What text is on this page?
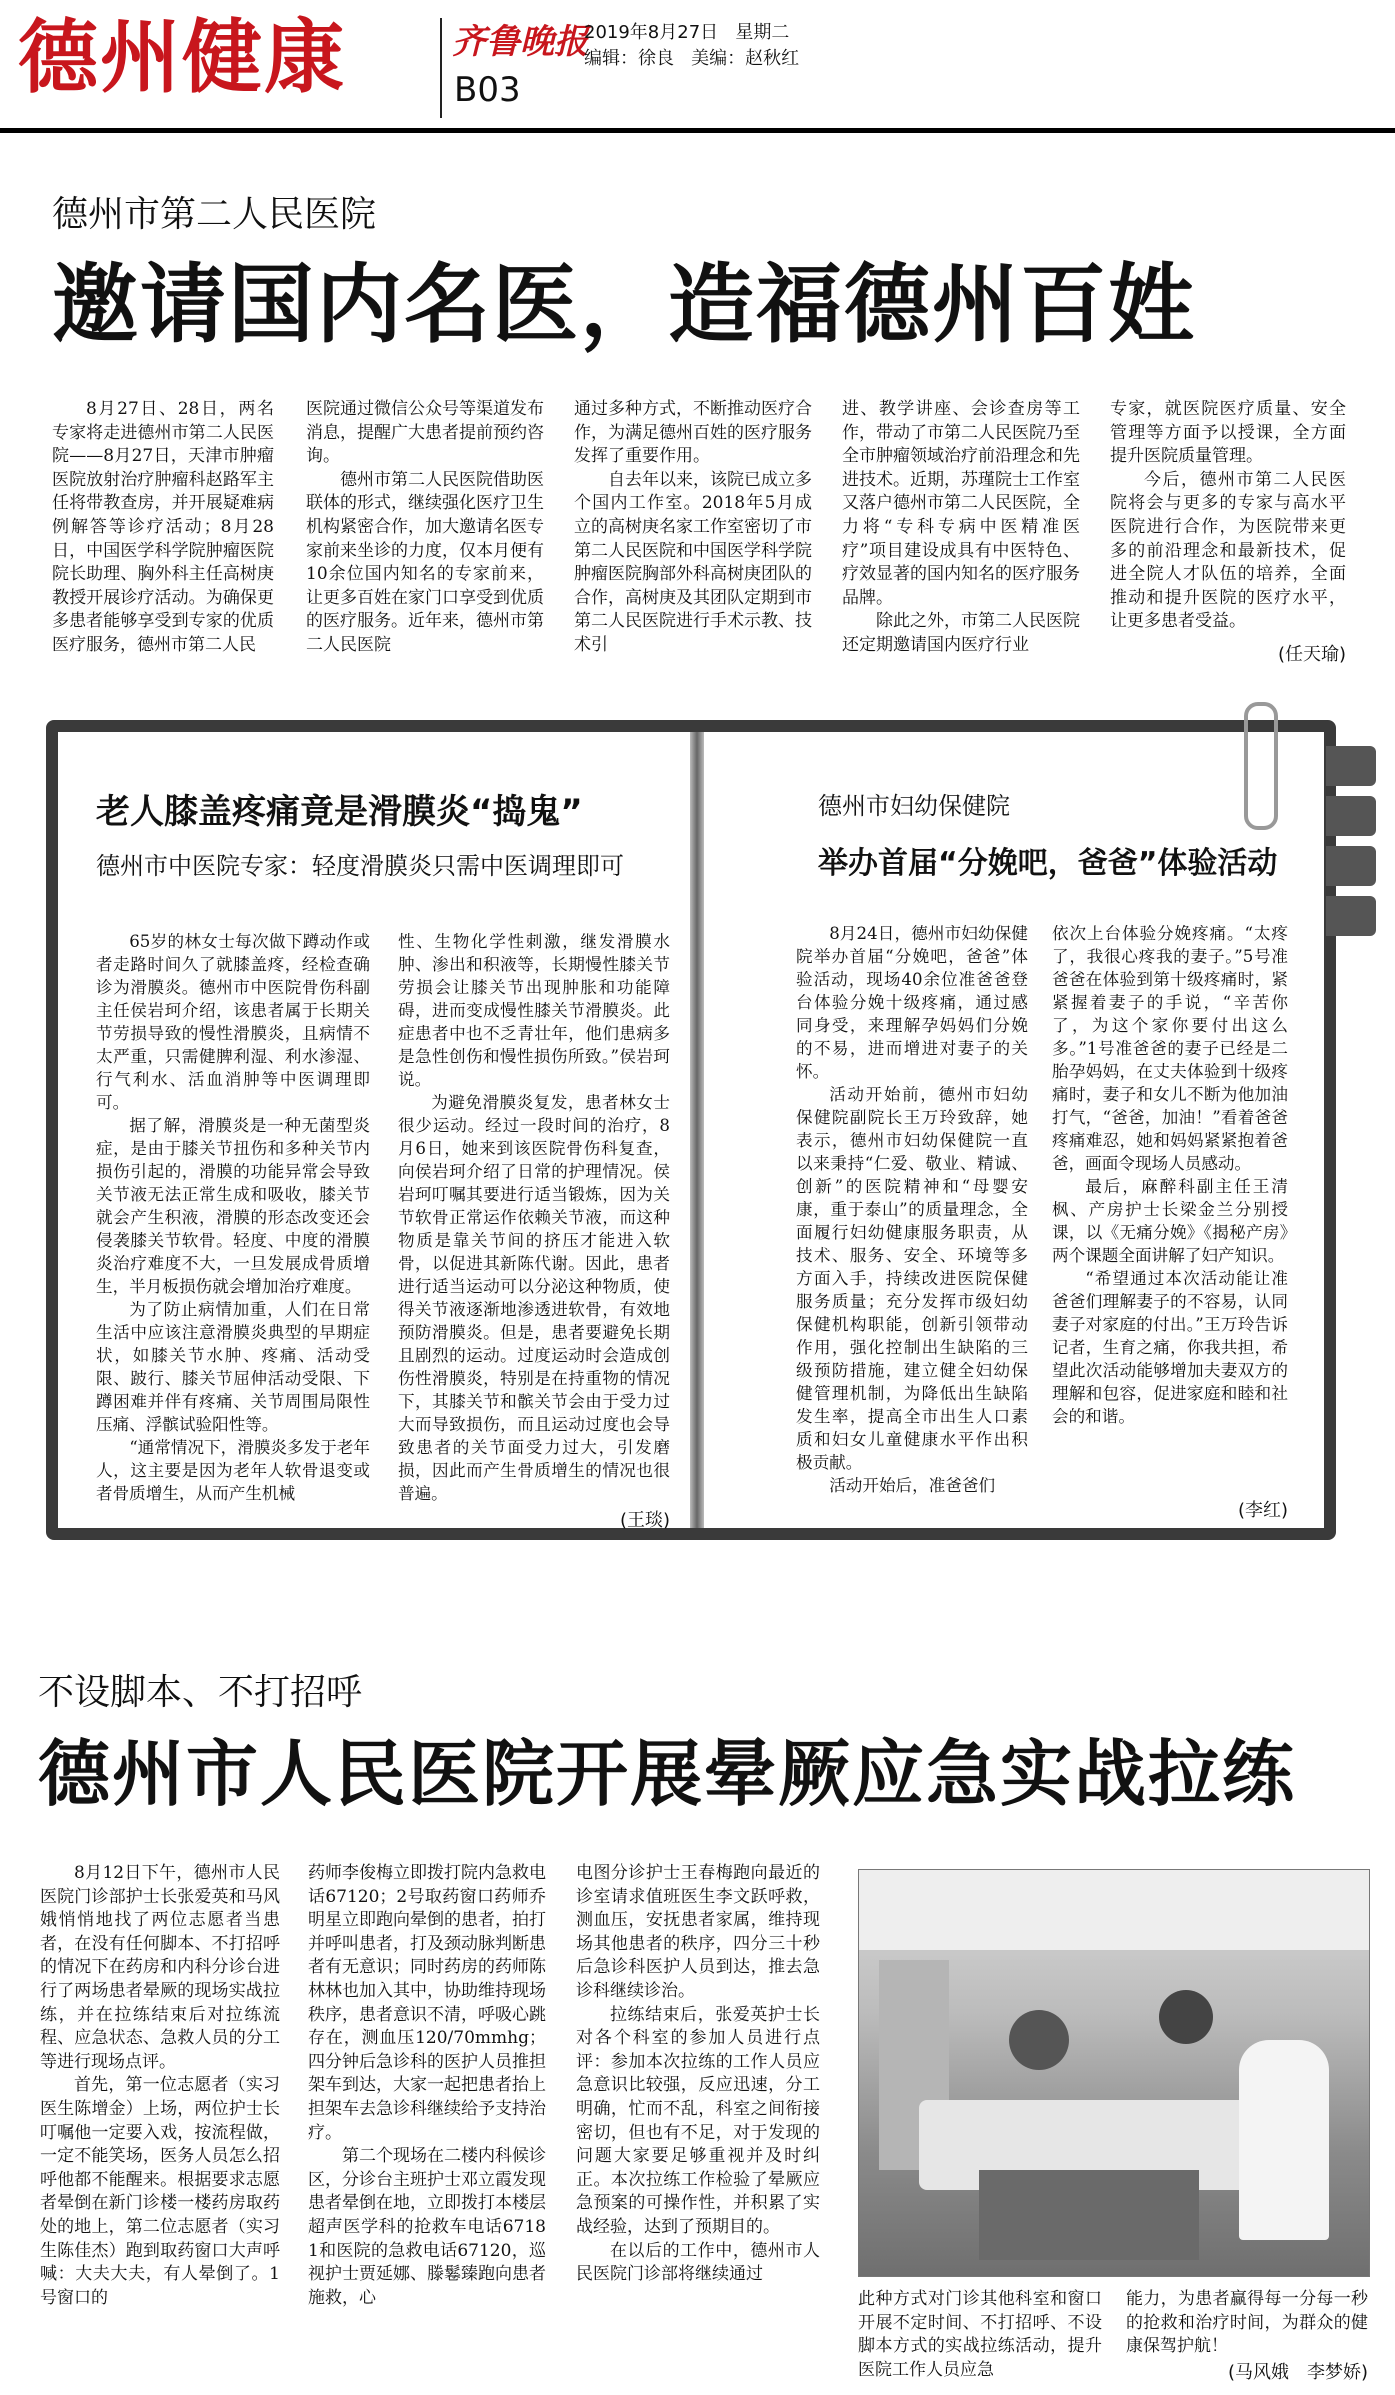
德州健康	齐鲁晚报
B03
2019年8月27日 星期二
编辑：徐良 美编：赵秋红
德州市第二人民医院
邀请国内名医，造福德州百姓

8月27日、28日，两名专家将走进德州市第二人民医院——8月27日，天津市肿瘤医院放射治疗肿瘤科赵路军主任将带教查房，并开展疑难病例解答等诊疗活动；8月28日，中国医学科学院肿瘤医院院长助理、胸外科主任高树庚教授开展诊疗活动。为确保更多患者能够享受到专家的优质医疗服务，德州市第二人民

医院通过微信公众号等渠道发布消息，提醒广大患者提前预约咨询。

德州市第二人民医院借助医联体的形式，继续强化医疗卫生机构紧密合作，加大邀请名医专家前来坐诊的力度，仅本月便有10余位国内知名的专家前来，让更多百姓在家门口享受到优质的医疗服务。近年来，德州市第二人民医院

通过多种方式，不断推动医疗合作，为满足德州百姓的医疗服务发挥了重要作用。

自去年以来，该院已成立多个国内工作室。2018年5月成立的高树庚名家工作室密切了市第二人民医院和中国医学科学院肿瘤医院胸部外科高树庚团队的合作，高树庚及其团队定期到市第二人民医院进行手术示教、技术引

进、教学讲座、会诊查房等工作，带动了市第二人民医院乃至全市肿瘤领域治疗前沿理念和先进技术。近期，苏瑾院士工作室又落户德州市第二人民医院，全力将“专科专病中医精准医疗”项目建设成具有中医特色、疗效显著的国内知名的医疗服务品牌。

除此之外，市第二人民医院还定期邀请国内医疗行业

专家，就医院医疗质量、安全管理等方面予以授课，全方面提升医院质量管理。

今后，德州市第二人民医院将会与更多的专家与高水平医院进行合作，为医院带来更多的前沿理念和最新技术，促进全院人才队伍的培养，全面推动和提升医院的医疗水平，让更多患者受益。

(任天瑜)
老人膝盖疼痛竟是滑膜炎“捣鬼”
德州市中医院专家：轻度滑膜炎只需中医调理即可

65岁的林女士每次做下蹲动作或者走路时间久了就膝盖疼，经检查确诊为滑膜炎。德州市中医院骨伤科副主任侯岩珂介绍，该患者属于长期关节劳损导致的慢性滑膜炎，且病情不太严重，只需健脾利湿、利水渗湿、行气利水、活血消肿等中医调理即可。

据了解，滑膜炎是一种无菌型炎症，是由于膝关节扭伤和多种关节内损伤引起的，滑膜的功能异常会导致关节液无法正常生成和吸收，膝关节就会产生积液，滑膜的形态改变还会侵袭膝关节软骨。轻度、中度的滑膜炎治疗难度不大，一旦发展成骨质增生，半月板损伤就会增加治疗难度。

为了防止病情加重，人们在日常生活中应该注意滑膜炎典型的早期症状，如膝关节水肿、疼痛、活动受限、跛行、膝关节屈伸活动受限、下蹲困难并伴有疼痛、关节周围局限性压痛、浮髌试验阳性等。

“通常情况下，滑膜炎多发于老年人，这主要是因为老年人软骨退变或者骨质增生，从而产生机械

性、生物化学性刺激，继发滑膜水肿、渗出和积液等，长期慢性膝关节劳损会让膝关节出现肿胀和功能障碍，进而变成慢性膝关节滑膜炎。此症患者中也不乏青壮年，他们患病多是急性创伤和慢性损伤所致。”侯岩珂说。

为避免滑膜炎复发，患者林女士很少运动。经过一段时间的治疗，8月6日，她来到该医院骨伤科复查，向侯岩珂介绍了日常的护理情况。侯岩珂叮嘱其要进行适当锻炼，因为关节软骨正常运作依赖关节液，而这种物质是靠关节间的挤压才能进入软骨，以促进其新陈代谢。因此，患者进行适当运动可以分泌这种物质，使得关节液逐渐地渗透进软骨，有效地预防滑膜炎。但是，患者要避免长期且剧烈的运动。过度运动时会造成创伤性滑膜炎，特别是在持重物的情况下，其膝关节和髌关节会由于受力过大而导致损伤，而且运动过度也会导致患者的关节面受力过大，引发磨损，因此而产生骨质增生的情况也很普遍。

(王琰)
德州市妇幼保健院
举办首届“分娩吧，爸爸”体验活动

8月24日，德州市妇幼保健院举办首届“分娩吧，爸爸”体验活动，现场40余位准爸爸登台体验分娩十级疼痛，通过感同身受，来理解孕妈妈们分娩的不易，进而增进对妻子的关怀。

活动开始前，德州市妇幼保健院副院长王万玲致辞，她表示，德州市妇幼保健院一直以来秉持“仁爱、敬业、精诚、创新”的医院精神和“母婴安康，重于泰山”的质量理念，全面履行妇幼健康服务职责，从技术、服务、安全、环境等多方面入手，持续改进医院保健服务质量；充分发挥市级妇幼保健机构职能，创新引领带动作用，强化控制出生缺陷的三级预防措施，建立健全妇幼保健管理机制，为降低出生缺陷发生率，提高全市出生人口素质和妇女儿童健康水平作出积极贡献。

活动开始后，准爸爸们

依次上台体验分娩疼痛。“太疼了，我很心疼我的妻子。”5号准爸爸在体验到第十级疼痛时，紧紧握着妻子的手说，“辛苦你了，为这个家你要付出这么多。”1号准爸爸的妻子已经是二胎孕妈妈，在丈夫体验到十级疼痛时，妻子和女儿不断为他加油打气，“爸爸，加油！”看着爸爸疼痛难忍，她和妈妈紧紧抱着爸爸，画面令现场人员感动。

最后，麻醉科副主任王清枫、产房护士长梁金兰分别授课，以《无痛分娩》《揭秘产房》两个课题全面讲解了妇产知识。

“希望通过本次活动能让准爸爸们理解妻子的不容易，认同妻子对家庭的付出。”王万玲告诉记者，生育之痛，你我共担，希望此次活动能够增加夫妻双方的理解和包容，促进家庭和睦和社会的和谐。

(李红)
不设脚本、不打招呼
德州市人民医院开展晕厥应急实战拉练

8月12日下午，德州市人民医院门诊部护士长张爱英和马风娥悄悄地找了两位志愿者当患者，在没有任何脚本、不打招呼的情况下在药房和内科分诊台进行了两场患者晕厥的现场实战拉练，并在拉练结束后对拉练流程、应急状态、急救人员的分工等进行现场点评。

首先，第一位志愿者（实习医生陈增金）上场，两位护士长叮嘱他一定要入戏，按流程做，一定不能笑场，医务人员怎么招呼他都不能醒来。根据要求志愿者晕倒在新门诊楼一楼药房取药处的地上，第二位志愿者（实习生陈佳杰）跑到取药窗口大声呼喊：大夫大夫，有人晕倒了。1号窗口的

药师李俊梅立即拨打院内急救电话67120；2号取药窗口药师乔明星立即跑向晕倒的患者，拍打并呼叫患者，打及颈动脉判断患者有无意识；同时药房的药师陈林林也加入其中，协助维持现场秩序，患者意识不清，呼吸心跳存在，测血压120/70mmhg；四分钟后急诊科的医护人员推担架车到达，大家一起把患者抬上担架车去急诊科继续给予支持治疗。

第二个现场在二楼内科候诊区，分诊台主班护士邓立霞发现患者晕倒在地，立即拨打本楼层超声医学科的抢救车电话67181和医院的急救电话67120，巡视护士贾延娜、滕鬈臻跑向患者施救，心

电图分诊护士王春梅跑向最近的诊室请求值班医生李文跃呼救，测血压，安抚患者家属，维持现场其他患者的秩序，四分三十秒后急诊科医护人员到达，推去急诊科继续诊治。

拉练结束后，张爱英护士长对各个科室的参加人员进行点评：参加本次拉练的工作人员应急意识比较强，反应迅速，分工明确，忙而不乱，科室之间衔接密切，但也有不足，对于发现的问题大家要足够重视并及时纠正。本次拉练工作检验了晕厥应急预案的可操作性，并积累了实战经验，达到了预期目的。

在以后的工作中，德州市人民医院门诊部将继续通过

此种方式对门诊其他科室和窗口开展不定时间、不打招呼、不设脚本方式的实战拉练活动，提升医院工作人员应急

能力，为患者赢得每一分每一秒的抢救和治疗时间，为群众的健康保驾护航！

(马风娥　李梦娇)
